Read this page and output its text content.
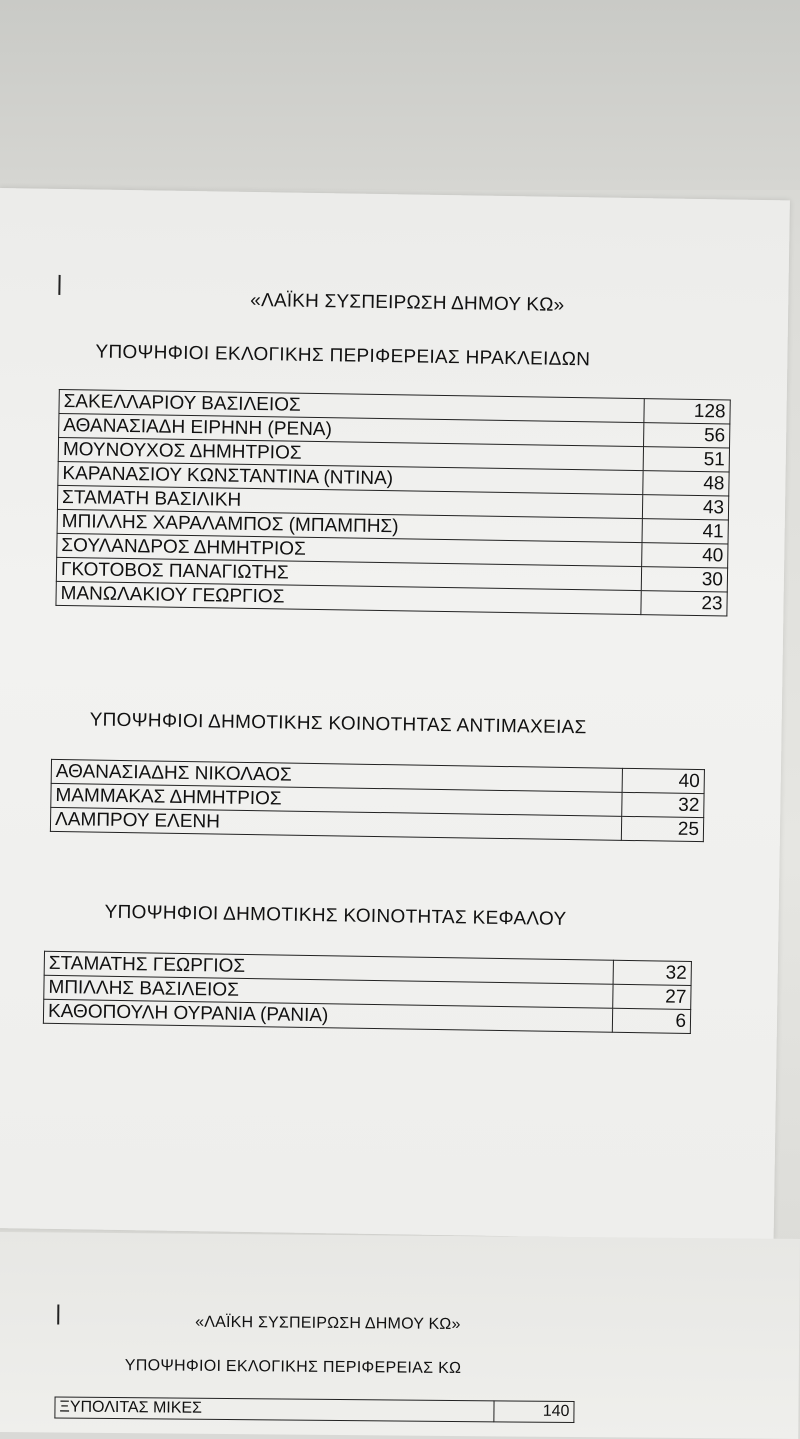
«ΛΑΪΚΗ ΣΥΣΠΕΙΡΩΣΗ ΔΗΜΟΥ ΚΩ»
ΥΠΟΨΗΦΙΟΙ ΕΚΛΟΓΙΚΗΣ ΠΕΡΙΦΕΡΕΙΑΣ ΗΡΑΚΛΕΙΔΩΝ
ΣΑΚΕΛΛΑΡΙΟΥ ΒΑΣΙΛΕΙΟΣ	128
ΑΘΑΝΑΣΙΑΔΗ ΕΙΡΗΝΗ (ΡΕΝΑ)	56
ΜΟΥΝΟΥΧΟΣ ΔΗΜΗΤΡΙΟΣ	51
ΚΑΡΑΝΑΣΙΟΥ ΚΩΝΣΤΑΝΤΙΝΑ (ΝΤΙΝΑ)	48
ΣΤΑΜΑΤΗ ΒΑΣΙΛΙΚΗ	43
ΜΠΙΛΛΗΣ ΧΑΡΑΛΑΜΠΟΣ (ΜΠΑΜΠΗΣ)	41
ΣΟΥΛΑΝΔΡΟΣ ΔΗΜΗΤΡΙΟΣ	40
ΓΚΟΤΟΒΟΣ ΠΑΝΑΓΙΩΤΗΣ	30
ΜΑΝΩΛΑΚΙΟΥ ΓΕΩΡΓΙΟΣ	23
ΥΠΟΨΗΦΙΟΙ ΔΗΜΟΤΙΚΗΣ ΚΟΙΝΟΤΗΤΑΣ ΑΝΤΙΜΑΧΕΙΑΣ
ΑΘΑΝΑΣΙΑΔΗΣ ΝΙΚΟΛΑΟΣ	40
ΜΑΜΜΑΚΑΣ ΔΗΜΗΤΡΙΟΣ	32
ΛΑΜΠΡΟΥ ΕΛΕΝΗ	25
ΥΠΟΨΗΦΙΟΙ ΔΗΜΟΤΙΚΗΣ ΚΟΙΝΟΤΗΤΑΣ ΚΕΦΑΛΟΥ
ΣΤΑΜΑΤΗΣ ΓΕΩΡΓΙΟΣ	32
ΜΠΙΛΛΗΣ ΒΑΣΙΛΕΙΟΣ	27
ΚΑΘΟΠΟΥΛΗ ΟΥΡΑΝΙΑ (ΡΑΝΙΑ)	6
«ΛΑΪΚΗ ΣΥΣΠΕΙΡΩΣΗ ΔΗΜΟΥ ΚΩ»
ΥΠΟΨΗΦΙΟΙ ΕΚΛΟΓΙΚΗΣ ΠΕΡΙΦΕΡΕΙΑΣ ΚΩ
ΞΥΠΟΛΙΤΑΣ ΜΙΚΕΣ	140
